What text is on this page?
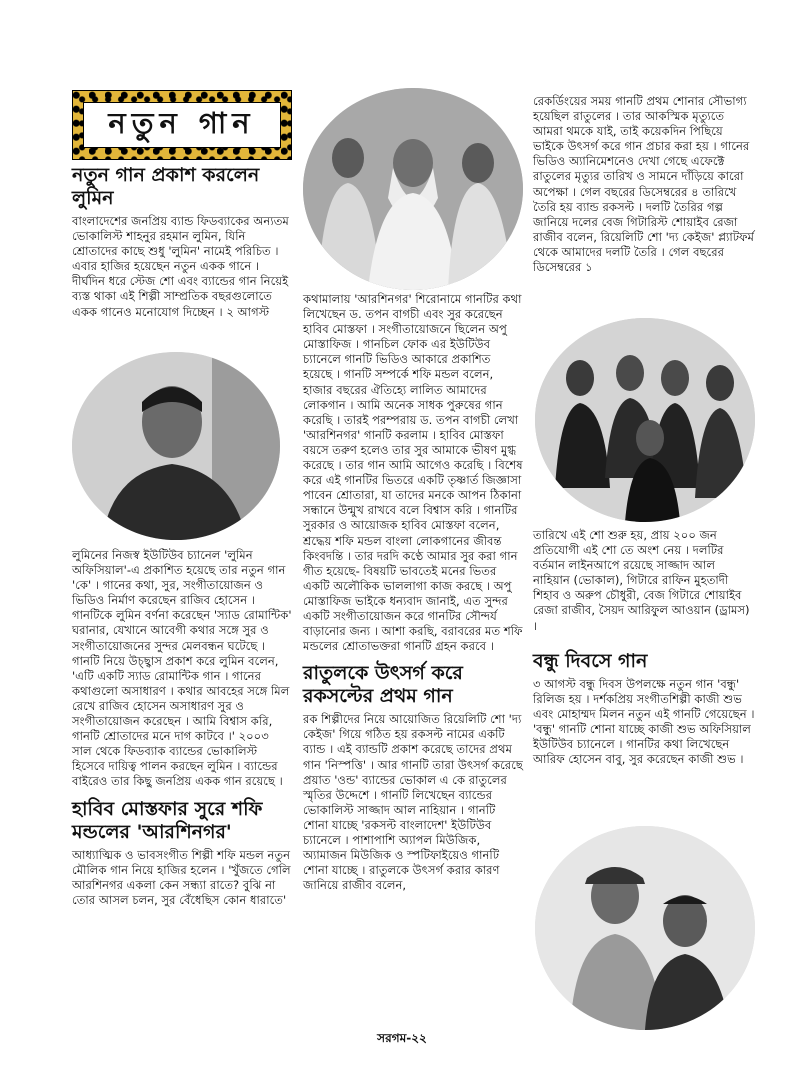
নতুন গান
নতুন গান প্রকাশ করলেন লুমিন

বাংলাদেশের জনপ্রিয় ব্যান্ড ফিডব্যাকের অন্যতম ভোকালিস্ট শাহনুর রহমান লুমিন, যিনি শ্রোতাদের কাছে শুধু 'লুমিন' নামেই পরিচিত । এবার হাজির হয়েছেন নতুন একক গানে । দীর্ঘদিন ধরে স্টেজ শো এবং ব্যান্ডের গান নিয়েই ব্যস্ত থাকা এই শিল্পী সাম্প্রতিক বছরগুলোতে একক গানেও মনোযোগ দিচ্ছেন । ২ আগস্ট

লুমিনের নিজস্ব ইউটিউব চ্যানেল 'লুমিন অফিসিয়াল'-এ প্রকাশিত হয়েছে তার নতুন গান 'কে' । গানের কথা, সুর, সংগীতায়োজন ও ভিডিও নির্মাণ করেছেন রাজিব হোসেন । গানটিকে লুমিন বর্ণনা করেছেন 'স্যাড রোমান্টিক' ঘরানার, যেখানে আবেগী কথার সঙ্গে সুর ও সংগীতায়োজনের সুন্দর মেলবন্ধন ঘটেছে । গানটি নিয়ে উচ্ছ্বাস প্রকাশ করে লুমিন বলেন, 'এটি একটি স্যাড রোমান্টিক গান । গানের কথাগুলো অসাধারণ । কথার আবহের সঙ্গে মিল রেখে রাজিব হোসেন অসাধারণ সুর ও সংগীতায়োজন করেছেন । আমি বিশ্বাস করি, গানটি শ্রোতাদের মনে দাগ কাটবে ।' ২০০৩ সাল থেকে ফিডব্যাক ব্যান্ডের ভোকালিস্ট হিসেবে দায়িত্ব পালন করছেন লুমিন । ব্যান্ডের বাইরেও তার কিছু জনপ্রিয় একক গান রয়েছে ।

হাবিব মোস্তফার সুরে শফি মন্ডলের 'আরশিনগর'

আধ্যাত্মিক ও ভাবসংগীত শিল্পী শফি মন্ডল নতুন মৌলিক গান নিয়ে হাজির হলেন । 'খুঁজতে গেলি আরশিনগর একলা কেন সন্ধ্যা রাতে? বুঝি না তোর আসল চলন, সুর বেঁধেছিস কোন ধারাতে'

কথামালায় 'আরশিনগর' শিরোনামে গানটির কথা লিখেছেন ড. তপন বাগচী এবং সুর করেছেন হাবিব মোস্তফা । সংগীতায়োজনে ছিলেন অপু মোস্তাফিজ । গানচিল ফোক এর ইউটিউব চ্যানেলে গানটি ভিডিও আকারে প্রকাশিত হয়েছে । গানটি সম্পর্কে শফি মন্ডল বলেন, হাজার বছরের ঐতিহ্যে লালিত আমাদের লোকগান । আমি অনেক সাধক পুরুষের গান করেছি । তারই পরম্পরায় ড. তপন বাগচী লেখা 'আরশিনগর' গানটি করলাম । হাবিব মোস্তফা বয়সে তরুণ হলেও তার সুর আমাকে ভীষণ মুগ্ধ করেছে । তার গান আমি আগেও করেছি । বিশেষ করে এই গানটির ভিতরে একটি তৃষ্ণার্ত জিজ্ঞাসা পাবেন শ্রোতারা, যা তাদের মনকে আপন ঠিকানা সন্ধানে উন্মুখ রাখবে বলে বিশ্বাস করি । গানটির সুরকার ও আয়োজক হাবিব মোস্তফা বলেন, শ্রদ্ধেয় শফি মন্ডল বাংলা লোকগানের জীবন্ত কিংবদন্তি । তার দরদি কণ্ঠে আমার সুর করা গান গীত হয়েছে- বিষয়টি ভাবতেই মনের ভিতর একটি অলৌকিক ভাললাগা কাজ করছে । অপু মোস্তাফিজ ভাইকে ধন্যবাদ জানাই, এত সুন্দর একটি সংগীতায়োজন করে গানটির সৌন্দর্য বাড়ানোর জন্য । আশা করছি, বরাবরের মত শফি মন্ডলের শ্রোতাভক্তরা গানটি গ্রহন করবে ।

রাতুলকে উৎসর্গ করে রকসল্টের প্রথম গান

রক শিল্পীদের নিয়ে আয়োজিত রিয়েলিটি শো 'দ্য কেইজ' গিয়ে গঠিত হয় রকসল্ট নামের একটি ব্যান্ড । এই ব্যান্ডটি প্রকাশ করেছে তাদের প্রথম গান 'নিস্পত্তি' । আর গানটি তারা উৎসর্গ করেছে প্রয়াত 'ওন্ড' ব্যান্ডের ভোকাল এ কে রাতুলের স্মৃতির উদ্দেশে । গানটি লিখেছেন ব্যান্ডের ভোকালিস্ট সাজ্জাদ আল নাহিয়ান । গানটি শোনা যাচ্ছে 'রকসল্ট বাংলাদেশ' ইউটিউব চ্যানেলে । পাশাপাশি অ্যাপল মিউজিক, অ্যামাজন মিউজিক ও স্পটিফাইয়েও গানটি শোনা যাচ্ছে । রাতুলকে উৎসর্গ করার কারণ জানিয়ে রাজীব বলেন,

রেকর্ডিংয়ের সময় গানটি প্রথম শোনার সৌভাগ্য হয়েছিল রাতুলের । তার আকস্মিক মৃত্যুতে আমরা থমকে যাই, তাই কয়েকদিন পিছিয়ে ভাইকে উৎসর্গ করে গান প্রচার করা হয় । গানের ভিডিও অ্যানিমেশনেও দেখা গেছে এফেক্টে রাতুলের মৃত্যুর তারিখ ও সামনে দাঁড়িয়ে কারো অপেক্ষা । গেল বছরের ডিসেম্বরের ৪ তারিখে তৈরি হয় ব্যান্ড রকসল্ট । দলটি তৈরির গল্প জানিয়ে দলের বেজ গিটারিস্ট শোয়াইব রেজা রাজীব বলেন, রিয়েলিটি শো 'দ্য কেইজ' প্ল্যাটফর্ম থেকে আমাদের দলটি তৈরি । গেল বছরের ডিসেম্বরের ১

তারিখে এই শো শুরু হয়, প্রায় ২০০ জন প্রতিযোগী এই শো তে অংশ নেয় । দলটির বর্তমান লাইনআপে রয়েছে সাজ্জাদ আল নাহিয়ান (ভোকাল), গিটারে রাফিন মুহতাদী শিহাব ও অরুপ চৌধুরী, বেজ গিটারে শোয়াইব রেজা রাজীব, সৈয়দ আরিফুল আওয়ান (ড্রামস) ।

বন্ধু দিবসে গান

৩ আগস্ট বন্ধু দিবস উপলক্ষে নতুন গান 'বন্ধু' রিলিজ হয় । দর্শকপ্রিয় সংগীতশিল্পী কাজী শুভ এবং মোহাম্মদ মিলন নতুন এই গানটি গেয়েছেন । 'বন্ধু' গানটি শোনা যাচ্ছে কাজী শুভ অফিসিয়াল ইউটিউব চ্যানেলে । গানটির কথা লিখেছেন আরিফ হোসেন বাবু, সুর করেছেন কাজী শুভ ।

সরগম-২২
